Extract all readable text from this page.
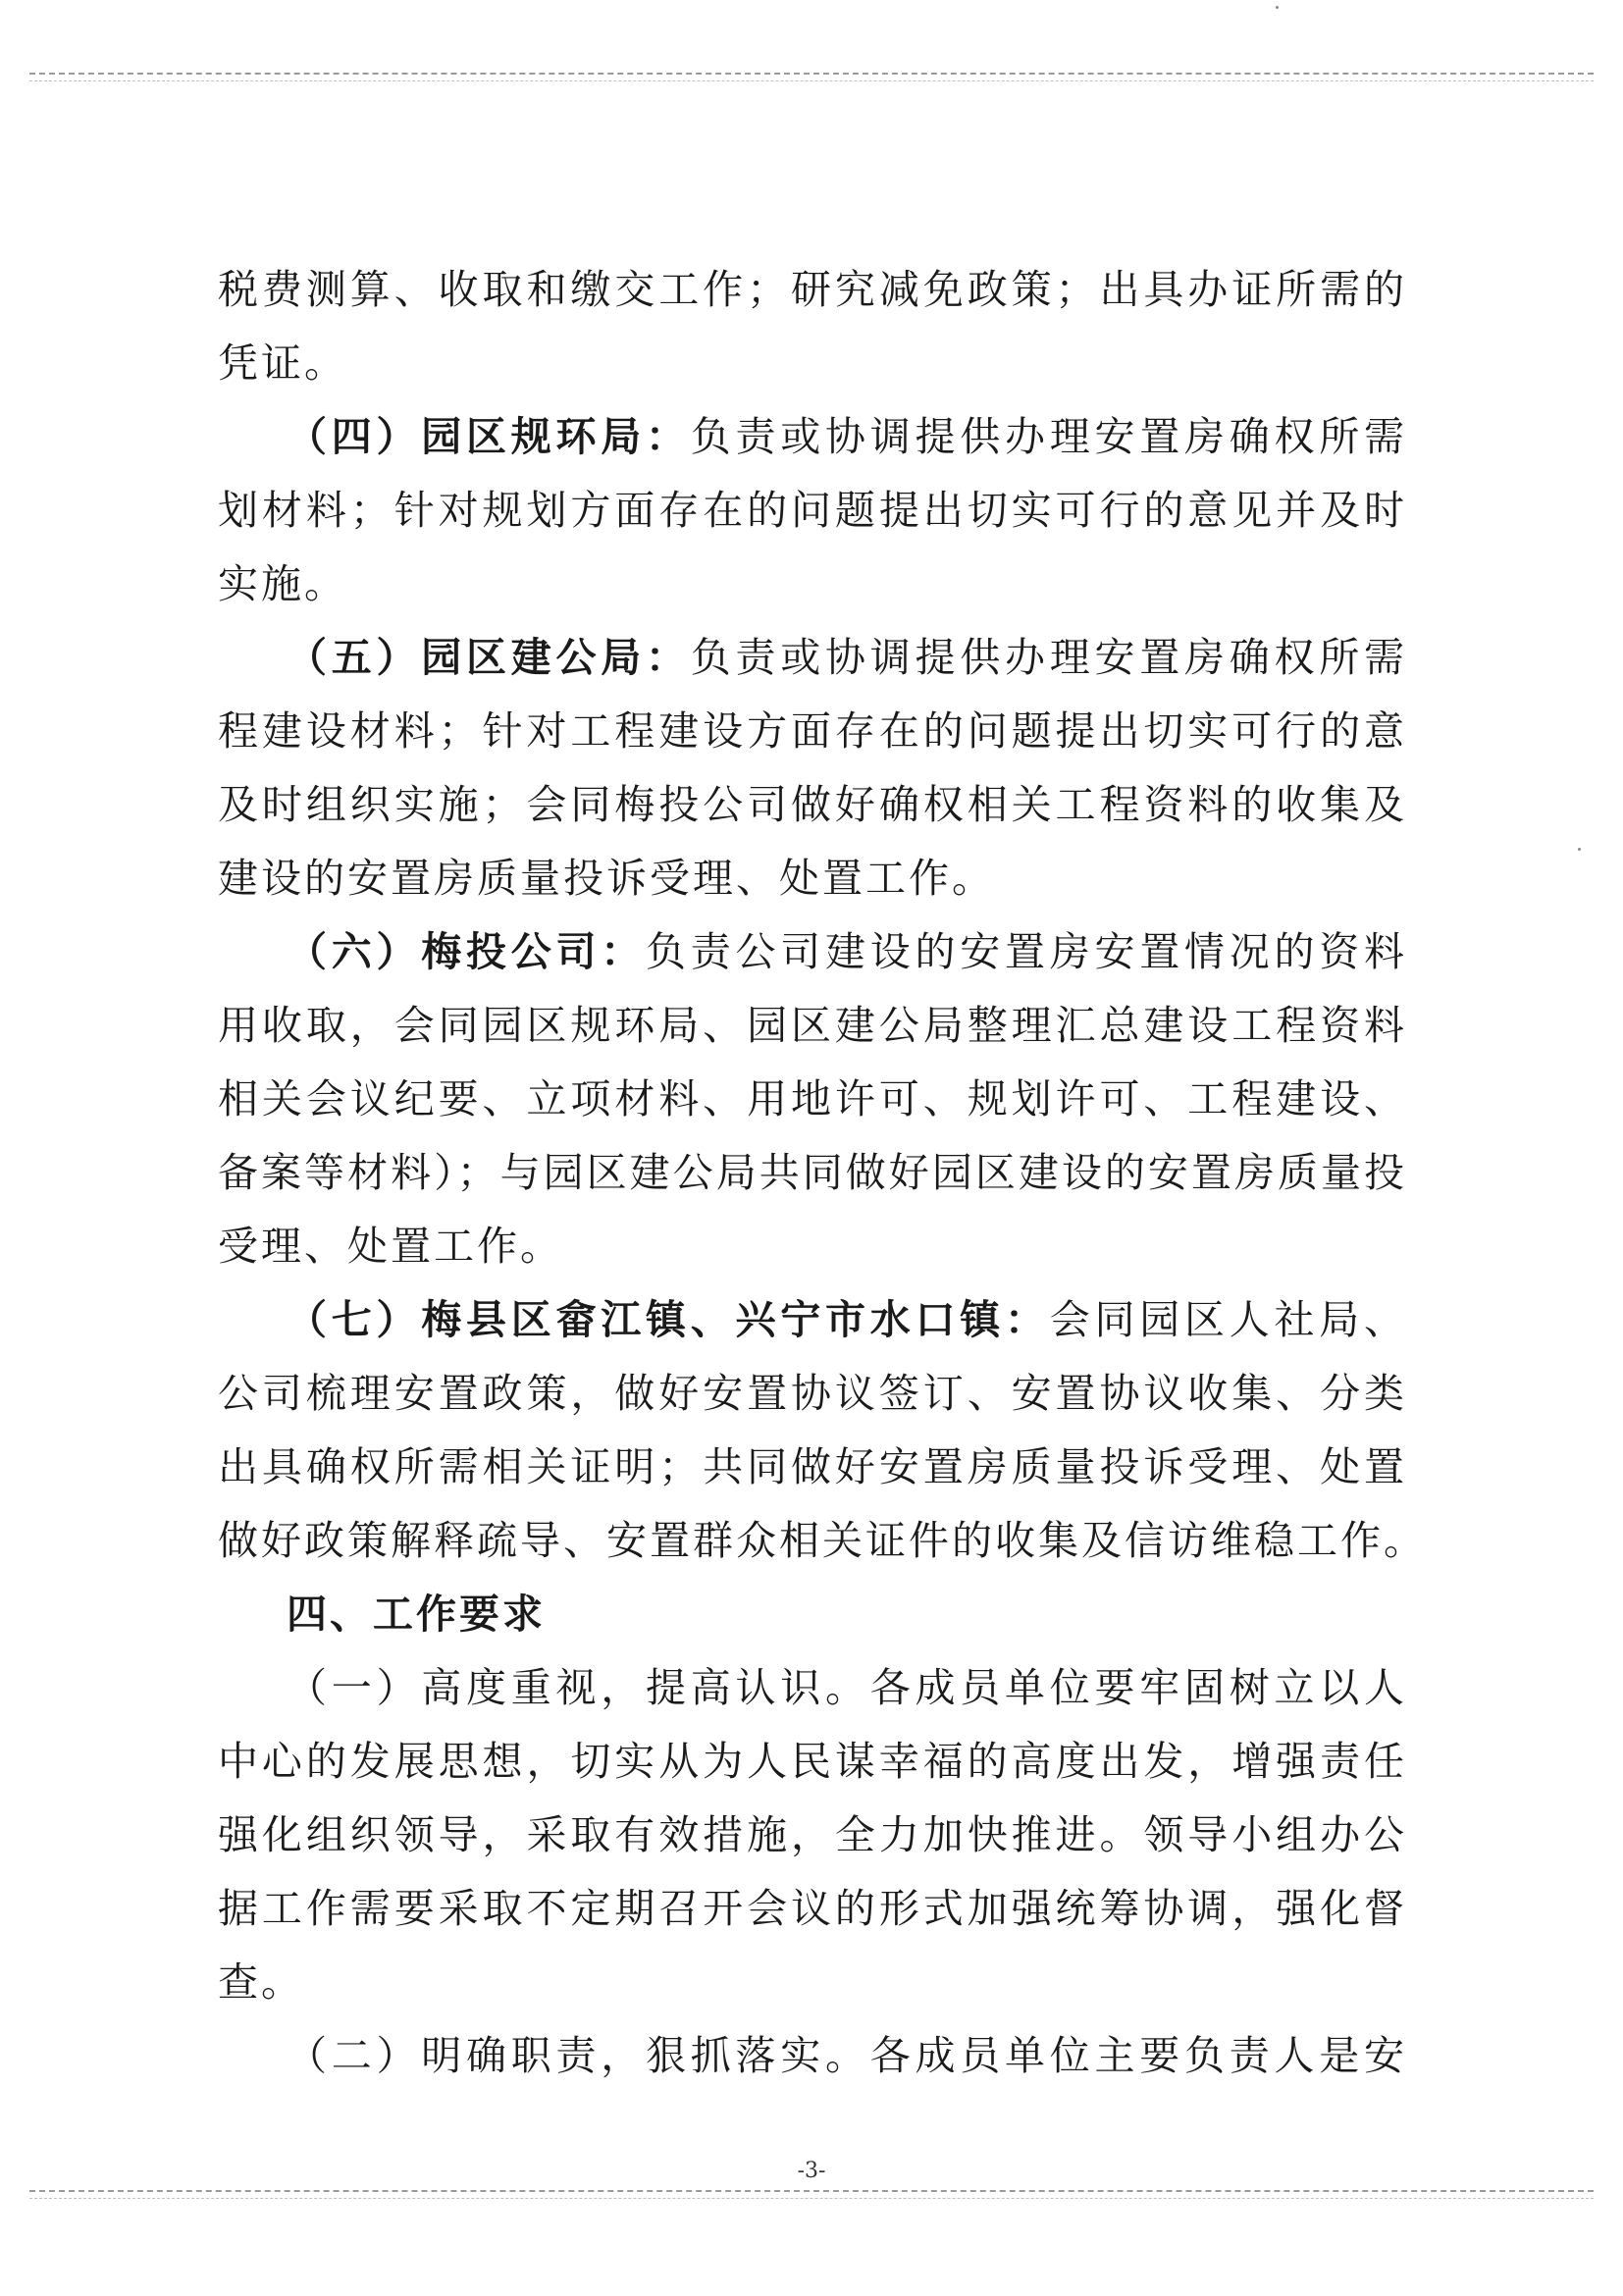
税费测算、收取和缴交工作；研究减免政策；出具办证所需的
凭证。
（四）园区规环局：负责或协调提供办理安置房确权所需
划材料；针对规划方面存在的问题提出切实可行的意见并及时
实施。
（五）园区建公局：负责或协调提供办理安置房确权所需
程建设材料；针对工程建设方面存在的问题提出切实可行的意
及时组织实施；会同梅投公司做好确权相关工程资料的收集及
建设的安置房质量投诉受理、处置工作。
（六）梅投公司：负责公司建设的安置房安置情况的资料
用收取，会同园区规环局、园区建公局整理汇总建设工程资料
相关会议纪要、立项材料、用地许可、规划许可、工程建设、
备案等材料）；与园区建公局共同做好园区建设的安置房质量投
受理、处置工作。
（七）梅县区畲江镇、兴宁市水口镇：会同园区人社局、
公司梳理安置政策，做好安置协议签订、安置协议收集、分类
出具确权所需相关证明；共同做好安置房质量投诉受理、处置
做好政策解释疏导、安置群众相关证件的收集及信访维稳工作。
四、工作要求
（一）高度重视，提高认识。各成员单位要牢固树立以人
中心的发展思想，切实从为人民谋幸福的高度出发，增强责任
强化组织领导，采取有效措施，全力加快推进。领导小组办公
据工作需要采取不定期召开会议的形式加强统筹协调，强化督
查。
（二）明确职责，狠抓落实。各成员单位主要负责人是安
-3-
